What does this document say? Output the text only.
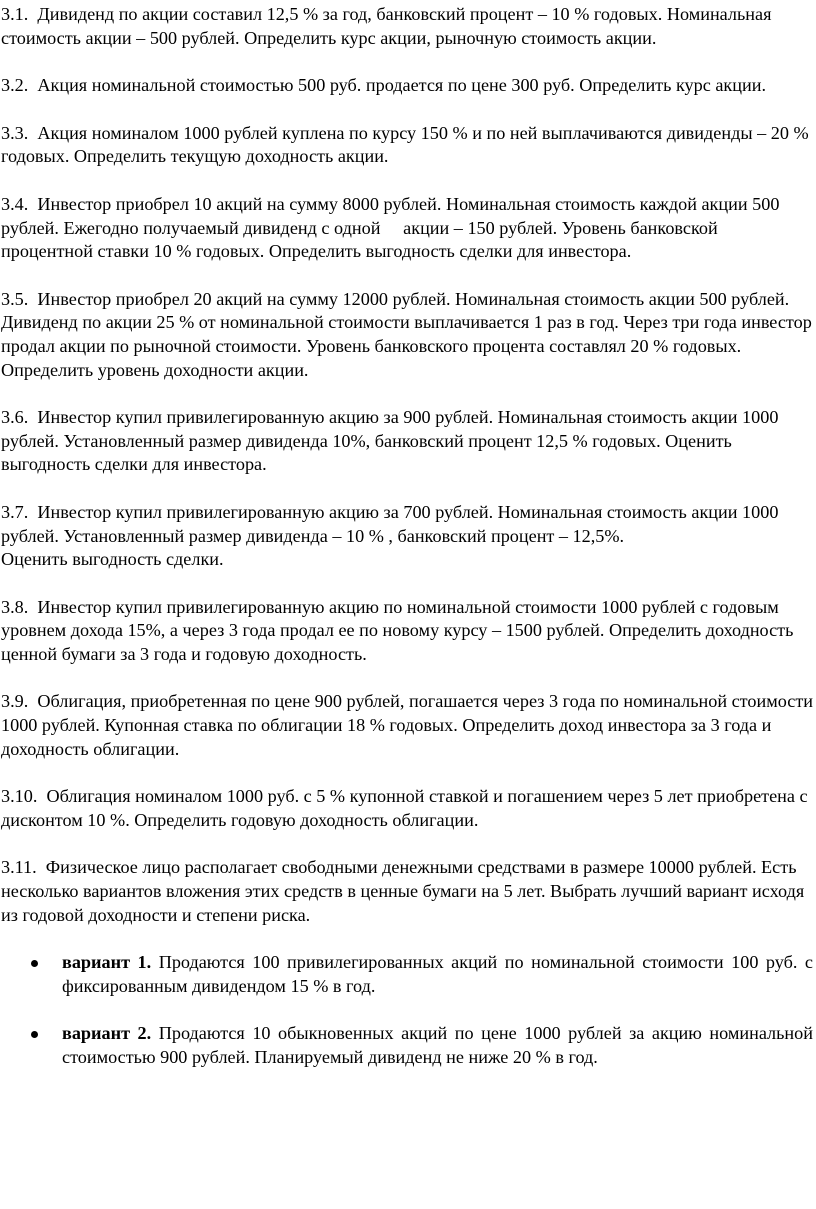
3.1. Дивиденд по акции составил 12,5 % за год, банковский процент – 10 % годовых. Номинальная стоимость акции – 500 рублей. Определить курс акции, рыночную стоимость акции.

3.2. Акция номинальной стоимостью 500 руб. продается по цене 300 руб. Определить курс акции.

3.3. Акция номиналом 1000 рублей куплена по курсу 150 % и по ней выплачиваются дивиденды – 20 % годовых. Определить текущую доходность акции.

3.4. Инвестор приобрел 10 акций на сумму 8000 рублей. Номинальная стоимость каждой акции 500 рублей. Ежегодно получаемый дивиденд с одной     акции – 150 рублей. Уровень банковской процентной ставки 10 % годовых. Определить выгодность сделки для инвестора.

3.5. Инвестор приобрел 20 акций на сумму 12000 рублей. Номинальная стоимость акции 500 рублей. Дивиденд по акции 25 % от номинальной стоимости выплачивается 1 раз в год. Через три года инвестор продал акции по рыночной стоимости. Уровень банковского процента составлял 20 % годовых. Определить уровень доходности акции.

3.6. Инвестор купил привилегированную акцию за 900 рублей. Номинальная стоимость акции 1000 рублей. Установленный размер дивиденда 10%, банковский процент 12,5 % годовых. Оценить выгодность сделки для инвестора.

3.7. Инвестор купил привилегированную акцию за 700 рублей. Номинальная стоимость акции 1000 рублей. Установленный размер дивиденда – 10 % , банковский процент – 12,5%.
Оценить выгодность сделки.

3.8. Инвестор купил привилегированную акцию по номинальной стоимости 1000 рублей с годовым уровнем дохода 15%, а через 3 года продал ее по новому курсу – 1500 рублей. Определить доходность ценной бумаги за 3 года и годовую доходность.

3.9. Облигация, приобретенная по цене 900 рублей, погашается через 3 года по номинальной стоимости 1000 рублей. Купонная ставка по облигации 18 % годовых. Определить доход инвестора за 3 года и доходность облигации.

3.10. Облигация номиналом 1000 руб. с 5 % купонной ставкой и погашением через 5 лет приобретена с дисконтом 10 %. Определить годовую доходность облигации.

3.11. Физическое лицо располагает свободными денежными средствами в размере 10000 рублей. Есть несколько вариантов вложения этих средств в ценные бумаги на 5 лет. Выбрать лучший вариант исходя из годовой доходности и степени риска.

вариант 1. Продаются 100 привилегированных акций по номинальной стоимости 100 руб. с фиксированным дивидендом 15 % в год.
вариант 2. Продаются 10 обыкновенных акций по цене 1000 рублей за акцию номинальной стоимостью 900 рублей. Планируемый дивиденд не ниже 20 % в год.
